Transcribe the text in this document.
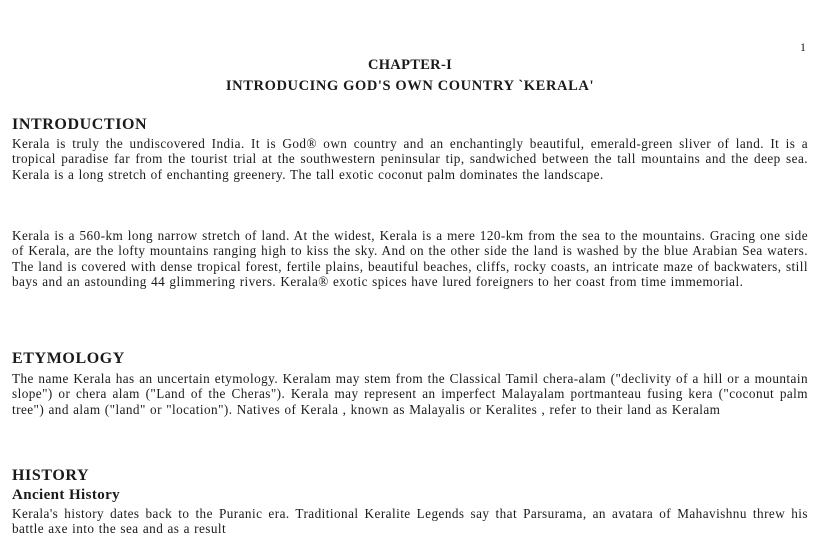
1
CHAPTER-I
INTRODUCING GOD'S OWN COUNTRY `KERALA'
INTRODUCTION

Kerala is truly the undiscovered India. It is God® own country and an enchantingly beautiful, emerald-green sliver of land. It is a tropical paradise far from the tourist trial at the southwestern peninsular tip, sandwiched between the tall mountains and the deep sea. Kerala is a long stretch of enchanting greenery. The tall exotic coconut palm dominates the landscape.

Kerala is a 560-km long narrow stretch of land. At the widest, Kerala is a mere 120-km from the sea to the mountains. Gracing one side of Kerala, are the lofty mountains ranging high to kiss the sky. And on the other side the land is washed by the blue Arabian Sea waters. The land is covered with dense tropical forest, fertile plains, beautiful beaches, cliffs, rocky coasts, an intricate maze of backwaters, still bays and an astounding 44 glimmering rivers. Kerala® exotic spices have lured foreigners to her coast from time immemorial.

ETYMOLOGY

The name Kerala has an uncertain etymology. Keralam may stem from the Classical Tamil chera-alam ("declivity of a hill or a mountain slope") or chera alam ("Land of the Cheras"). Kerala may represent an imperfect Malayalam portmanteau fusing kera ("coconut palm tree") and alam ("land" or "location"). Natives of Kerala , known as Malayalis or Keralites , refer to their land as Keralam

HISTORY
Ancient History

Kerala's history dates back to the Puranic era. Traditional Keralite Legends say that Parsurama, an avatara of Mahavishnu threw his battle axe into the sea and as a result
